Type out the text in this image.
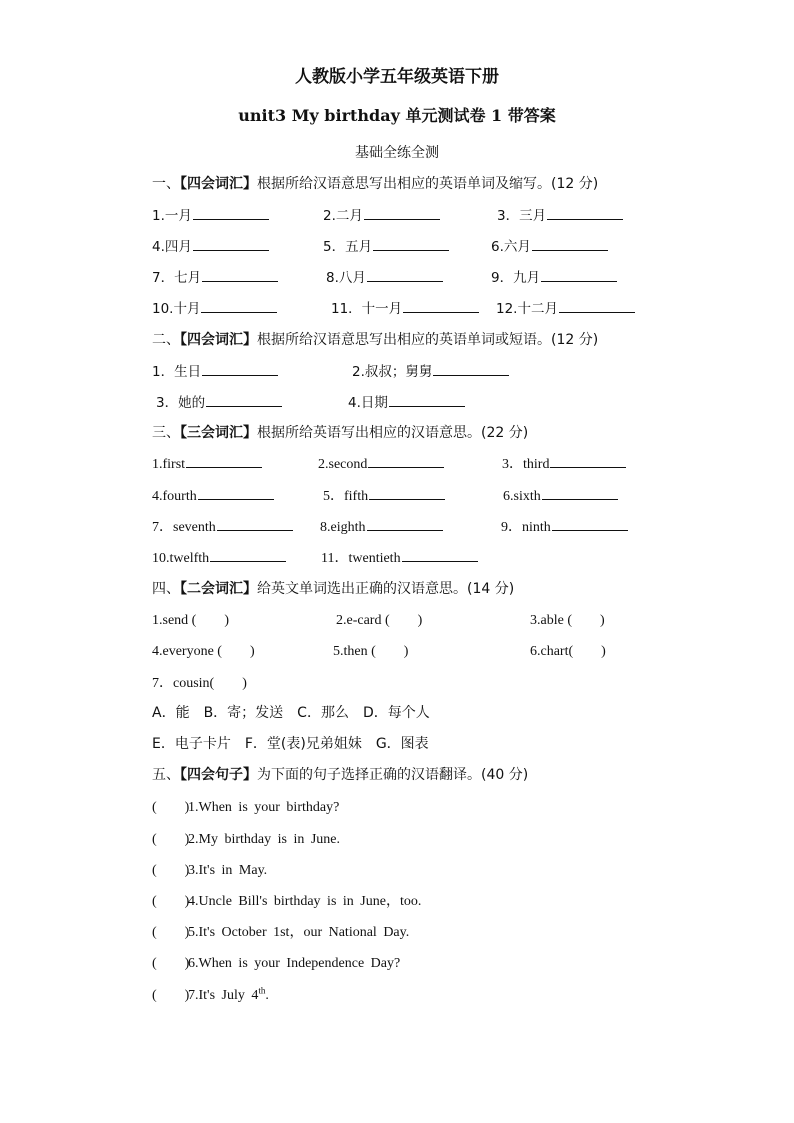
人教版小学五年级英语下册
unit3 My birthday 单元测试卷 1 带答案
基础全练全测
一、【四会词汇】根据所给汉语意思写出相应的英语单词及缩写。(12 分)
1.一月	2.二月	3．三月
4.四月	5．五月	6.六月
7．七月	8.八月	9．九月
10.十月	11．十一月	12.十二月
二、【四会词汇】根据所给汉语意思写出相应的英语单词或短语。(12 分)
1．生日	2.叔叔；舅舅
3．她的	4.日期
三、【三会词汇】根据所给英语写出相应的汉语意思。(22 分)
1.first	2.second	3．third
4.fourth	5．fifth	6.sixth
7．seventh	8.eighth	9．ninth
10.twelfth	11．twentieth
四、【二会词汇】给英文单词选出正确的汉语意思。(14 分)
1.send (　　)	2.e-card (　　)	3.able (　　)
4.everyone (　　)	5.then (　　)	6.chart(　　)
7．cousin(　　)
A．能　B．寄；发送　C．那么　D．每个人
E．电子卡片　F．堂(表)兄弟姐妹　G．图表
五、【四会句子】为下面的句子选择正确的汉语翻译。(40 分)
(　　)1.When is your birthday?
(　　)2.My birthday is in June.
(　　)3.It's in May.
(　　)4.Uncle Bill's birthday is in June，too.
(　　)5.It's October 1st，our National Day.
(　　)6.When is your Independence Day?
(　　)7.It's July 4th.
